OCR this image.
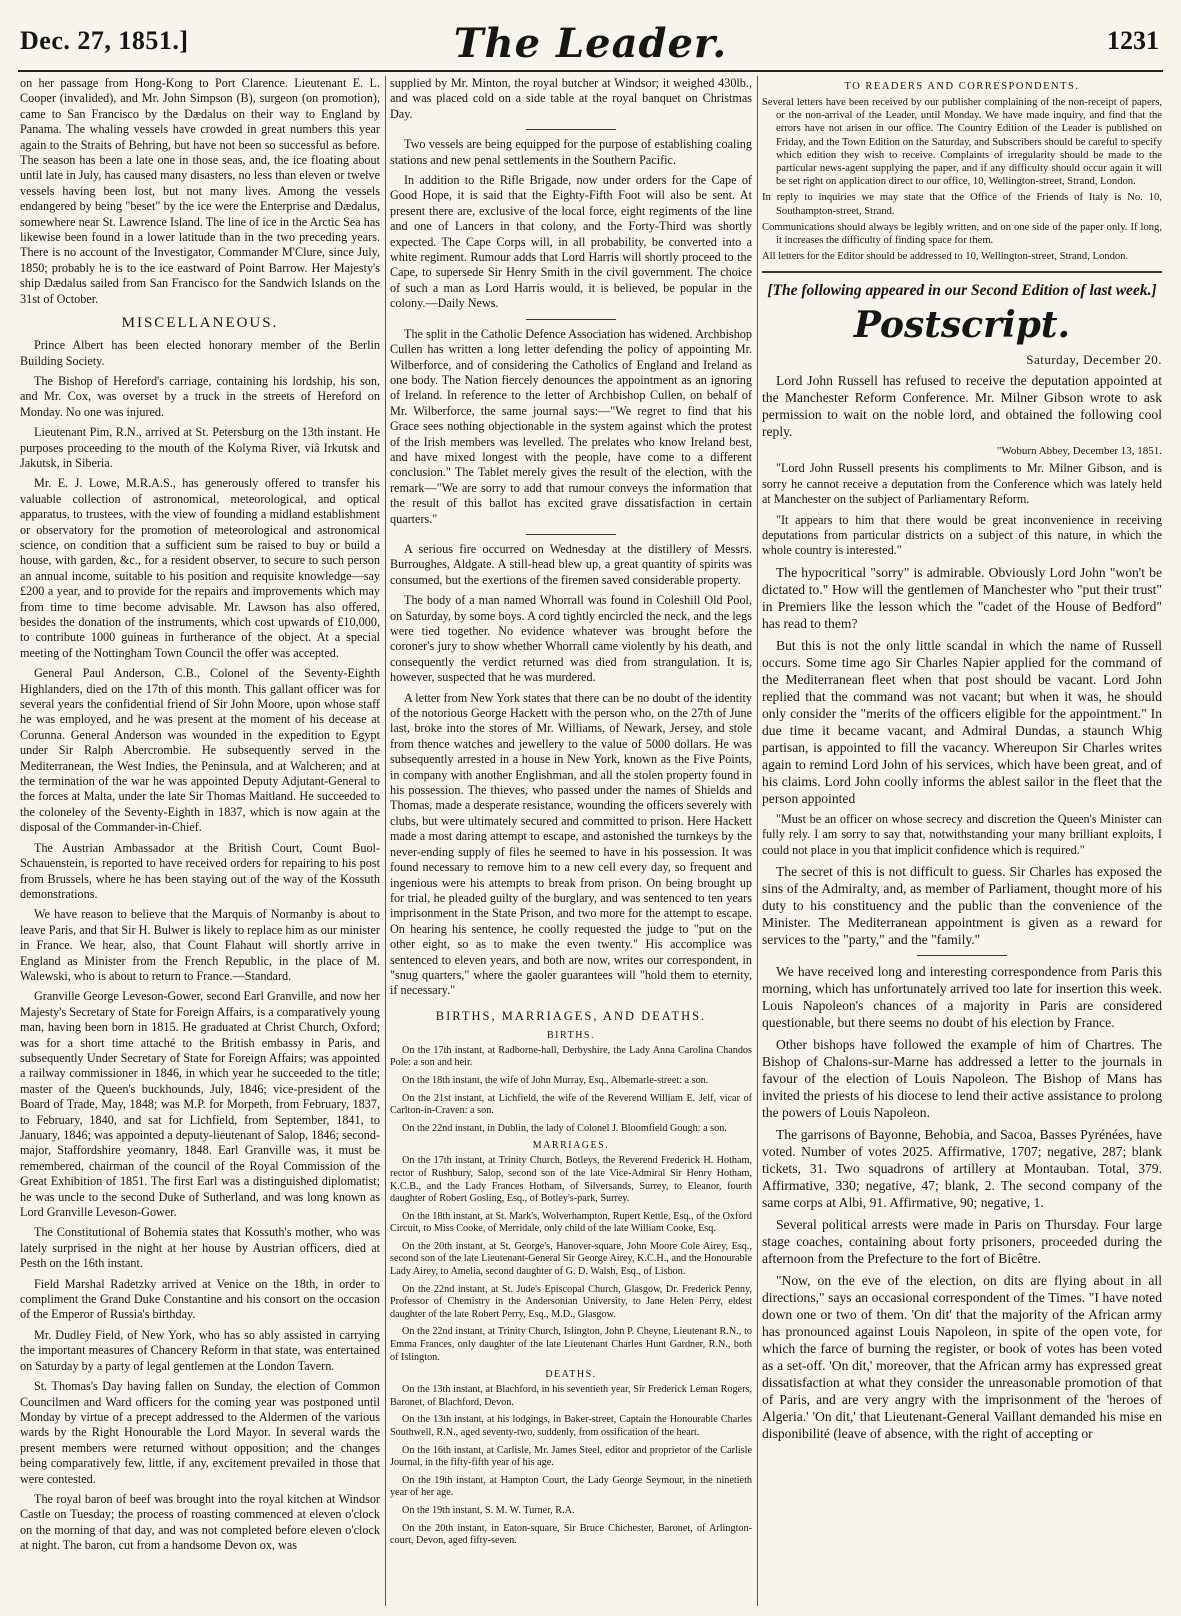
Dec. 27, 1851.]	The Leader.	1231

on her passage from Hong-Kong to Port Clarence. Lieutenant E. L. Cooper (invalided), and Mr. John Simpson (B), surgeon (on promotion), came to San Francisco by the Dædalus on their way to England by Panama. The whaling vessels have crowded in great numbers this year again to the Straits of Behring, but have not been so successful as before. The season has been a late one in those seas, and, the ice floating about until late in July, has caused many disasters, no less than eleven or twelve vessels having been lost, but not many lives. Among the vessels endangered by being "beset" by the ice were the Enterprise and Dædalus, somewhere near St. Lawrence Island. The line of ice in the Arctic Sea has likewise been found in a lower latitude than in the two preceding years. There is no account of the Investigator, Commander M'Clure, since July, 1850; probably he is to the ice eastward of Point Barrow. Her Majesty's ship Dædalus sailed from San Francisco for the Sandwich Islands on the 31st of October.

MISCELLANEOUS.

Prince Albert has been elected honorary member of the Berlin Building Society.

The Bishop of Hereford's carriage, containing his lordship, his son, and Mr. Cox, was overset by a truck in the streets of Hereford on Monday. No one was injured.

Lieutenant Pim, R.N., arrived at St. Petersburg on the 13th instant. He purposes proceeding to the mouth of the Kolyma River, viâ Irkutsk and Jakutsk, in Siberia.

Mr. E. J. Lowe, M.R.A.S., has generously offered to transfer his valuable collection of astronomical, meteorological, and optical apparatus, to trustees, with the view of founding a midland establishment or observatory for the promotion of meteorological and astronomical science, on condition that a sufficient sum be raised to buy or build a house, with garden, &c., for a resident observer, to secure to such person an annual income, suitable to his position and requisite knowledge—say £200 a year, and to provide for the repairs and improvements which may from time to time become advisable. Mr. Lawson has also offered, besides the donation of the instruments, which cost upwards of £10,000, to contribute 1000 guineas in furtherance of the object. At a special meeting of the Nottingham Town Council the offer was accepted.

General Paul Anderson, C.B., Colonel of the Seventy-Eighth Highlanders, died on the 17th of this month. This gallant officer was for several years the confidential friend of Sir John Moore, upon whose staff he was employed, and he was present at the moment of his decease at Corunna. General Anderson was wounded in the expedition to Egypt under Sir Ralph Abercrombie. He subsequently served in the Mediterranean, the West Indies, the Peninsula, and at Walcheren; and at the termination of the war he was appointed Deputy Adjutant-General to the forces at Malta, under the late Sir Thomas Maitland. He succeeded to the coloneley of the Seventy-Eighth in 1837, which is now again at the disposal of the Commander-in-Chief.

The Austrian Ambassador at the British Court, Count Buol-Schauenstein, is reported to have received orders for repairing to his post from Brussels, where he has been staying out of the way of the Kossuth demonstrations.

We have reason to believe that the Marquis of Normanby is about to leave Paris, and that Sir H. Bulwer is likely to replace him as our minister in France. We hear, also, that Count Flahaut will shortly arrive in England as Minister from the French Republic, in the place of M. Walewski, who is about to return to France.—Standard.

Granville George Leveson-Gower, second Earl Granville, and now her Majesty's Secretary of State for Foreign Affairs, is a comparatively young man, having been born in 1815. He graduated at Christ Church, Oxford; was for a short time attaché to the British embassy in Paris, and subsequently Under Secretary of State for Foreign Affairs; was appointed a railway commissioner in 1846, in which year he succeeded to the title; master of the Queen's buckhounds, July, 1846; vice-president of the Board of Trade, May, 1848; was M.P. for Morpeth, from February, 1837, to February, 1840, and sat for Lichfield, from September, 1841, to January, 1846; was appointed a deputy-lieutenant of Salop, 1846; second-major, Staffordshire yeomanry, 1848. Earl Granville was, it must be remembered, chairman of the council of the Royal Commission of the Great Exhibition of 1851. The first Earl was a distinguished diplomatist; he was uncle to the second Duke of Sutherland, and was long known as Lord Granville Leveson-Gower.

The Constitutional of Bohemia states that Kossuth's mother, who was lately surprised in the night at her house by Austrian officers, died at Pesth on the 16th instant.

Field Marshal Radetzky arrived at Venice on the 18th, in order to compliment the Grand Duke Constantine and his consort on the occasion of the Emperor of Russia's birthday.

Mr. Dudley Field, of New York, who has so ably assisted in carrying the important measures of Chancery Reform in that state, was entertained on Saturday by a party of legal gentlemen at the London Tavern.

St. Thomas's Day having fallen on Sunday, the election of Common Councilmen and Ward officers for the coming year was postponed until Monday by virtue of a precept addressed to the Aldermen of the various wards by the Right Honourable the Lord Mayor. In several wards the present members were returned without opposition; and the changes being comparatively few, little, if any, excitement prevailed in those that were contested.

The royal baron of beef was brought into the royal kitchen at Windsor Castle on Tuesday; the process of roasting commenced at eleven o'clock on the morning of that day, and was not completed before eleven o'clock at night. The baron, cut from a handsome Devon ox, was

supplied by Mr. Minton, the royal butcher at Windsor; it weighed 430lb., and was placed cold on a side table at the royal banquet on Christmas Day.

Two vessels are being equipped for the purpose of establishing coaling stations and new penal settlements in the Southern Pacific.

In addition to the Rifle Brigade, now under orders for the Cape of Good Hope, it is said that the Eighty-Fifth Foot will also be sent. At present there are, exclusive of the local force, eight regiments of the line and one of Lancers in that colony, and the Forty-Third was shortly expected. The Cape Corps will, in all probability, be converted into a white regiment. Rumour adds that Lord Harris will shortly proceed to the Cape, to supersede Sir Henry Smith in the civil government. The choice of such a man as Lord Harris would, it is believed, be popular in the colony.—Daily News.

The split in the Catholic Defence Association has widened. Archbishop Cullen has written a long letter defending the policy of appointing Mr. Wilberforce, and of considering the Catholics of England and Ireland as one body. The Nation fiercely denounces the appointment as an ignoring of Ireland. In reference to the letter of Archbishop Cullen, on behalf of Mr. Wilberforce, the same journal says:—"We regret to find that his Grace sees nothing objectionable in the system against which the protest of the Irish members was levelled. The prelates who know Ireland best, and have mixed longest with the people, have come to a different conclusion." The Tablet merely gives the result of the election, with the remark—"We are sorry to add that rumour conveys the information that the result of this ballot has excited grave dissatisfaction in certain quarters."

A serious fire occurred on Wednesday at the distillery of Messrs. Burroughes, Aldgate. A still-head blew up, a great quantity of spirits was consumed, but the exertions of the firemen saved considerable property.

The body of a man named Whorrall was found in Coleshill Old Pool, on Saturday, by some boys. A cord tightly encircled the neck, and the legs were tied together. No evidence whatever was brought before the coroner's jury to show whether Whorrall came violently by his death, and consequently the verdict returned was died from strangulation. It is, however, suspected that he was murdered.

A letter from New York states that there can be no doubt of the identity of the notorious George Hackett with the person who, on the 27th of June last, broke into the stores of Mr. Williams, of Newark, Jersey, and stole from thence watches and jewellery to the value of 5000 dollars. He was subsequently arrested in a house in New York, known as the Five Points, in company with another Englishman, and all the stolen property found in his possession. The thieves, who passed under the names of Shields and Thomas, made a desperate resistance, wounding the officers severely with clubs, but were ultimately secured and committed to prison. Here Hackett made a most daring attempt to escape, and astonished the turnkeys by the never-ending supply of files he seemed to have in his possession. It was found necessary to remove him to a new cell every day, so frequent and ingenious were his attempts to break from prison. On being brought up for trial, he pleaded guilty of the burglary, and was sentenced to ten years imprisonment in the State Prison, and two more for the attempt to escape. On hearing his sentence, he coolly requested the judge to "put on the other eight, so as to make the even twenty." His accomplice was sentenced to eleven years, and both are now, writes our correspondent, in "snug quarters," where the gaoler guarantees will "hold them to eternity, if necessary."

BIRTHS, MARRIAGES, AND DEATHS.
BIRTHS.

On the 17th instant, at Radborne-hall, Derbyshire, the Lady Anna Carolina Chandos Pole: a son and heir.

On the 18th instant, the wife of John Murray, Esq., Albemarle-street: a son.

On the 21st instant, at Lichfield, the wife of the Reverend William E. Jelf, vicar of Carlton-in-Craven: a son.

On the 22nd instant, in Dublin, the lady of Colonel J. Bloomfield Gough: a son.

MARRIAGES.

On the 17th instant, at Trinity Church, Botleys, the Reverend Frederick H. Hotham, rector of Rushbury, Salop, second son of the late Vice-Admiral Sir Henry Hotham, K.C.B., and the Lady Frances Hotham, of Silversands, Surrey, to Eleanor, fourth daughter of Robert Gosling, Esq., of Botley's-park, Surrey.

On the 18th instant, at St. Mark's, Wolverhampton, Rupert Kettle, Esq., of the Oxford Circuit, to Miss Cooke, of Merridale, only child of the late William Cooke, Esq.

On the 20th instant, at St. George's, Hanover-square, John Moore Cole Airey, Esq., second son of the late Lieutenant-General Sir George Airey, K.C.H., and the Honourable Lady Airey, to Amelia, second daughter of G. D. Walsh, Esq., of Lisbon.

On the 22nd instant, at St. Jude's Episcopal Church, Glasgow, Dr. Frederick Penny, Professor of Chemistry in the Andersonian University, to Jane Helen Perry, eldest daughter of the late Robert Perry, Esq., M.D., Glasgow.

On the 22nd instant, at Trinity Church, Islington, John P. Cheyne, Lieutenant R.N., to Emma Frances, only daughter of the late Lieutenant Charles Hunt Gardner, R.N., both of Islington.

DEATHS.

On the 13th instant, at Blachford, in his seventieth year, Sir Frederick Leman Rogers, Baronet, of Blachford, Devon.

On the 13th instant, at his lodgings, in Baker-street, Captain the Honourable Charles Southwell, R.N., aged seventy-two, suddenly, from ossification of the heart.

On the 16th instant, at Carlisle, Mr. James Steel, editor and proprietor of the Carlisle Journal, in the fifty-fifth year of his age.

On the 19th instant, at Hampton Court, the Lady George Seymour, in the ninetieth year of her age.

On the 19th instant, S. M. W. Turner, R.A.

On the 20th instant, in Eaton-square, Sir Bruce Chichester, Baronet, of Arlington-court, Devon, aged fifty-seven.

TO READERS AND CORRESPONDENTS.

Several letters have been received by our publisher complaining of the non-receipt of papers, or the non-arrival of the Leader, until Monday. We have made inquiry, and find that the errors have not arisen in our office. The Country Edition of the Leader is published on Friday, and the Town Edition on the Saturday, and Subscribers should be careful to specify which edition they wish to receive. Complaints of irregularity should be made to the particular news-agent supplying the paper, and if any difficulty should occur again it will be set right on application direct to our office, 10, Wellington-street, Strand, London.

In reply to inquiries we may state that the Office of the Friends of Italy is No. 10, Southampton-street, Strand.

Communications should always be legibly written, and on one side of the paper only. If long, it increases the difficulty of finding space for them.

All letters for the Editor should be addressed to 10, Wellington-street, Strand, London.

[The following appeared in our Second Edition of last week.]
Postscript.
Saturday, December 20.

Lord John Russell has refused to receive the deputation appointed at the Manchester Reform Conference. Mr. Milner Gibson wrote to ask permission to wait on the noble lord, and obtained the following cool reply.

"Woburn Abbey, December 13, 1851.

"Lord John Russell presents his compliments to Mr. Milner Gibson, and is sorry he cannot receive a deputation from the Conference which was lately held at Manchester on the subject of Parliamentary Reform.

"It appears to him that there would be great inconvenience in receiving deputations from particular districts on a subject of this nature, in which the whole country is interested."

The hypocritical "sorry" is admirable. Obviously Lord John "won't be dictated to." How will the gentlemen of Manchester who "put their trust" in Premiers like the lesson which the "cadet of the House of Bedford" has read to them?

But this is not the only little scandal in which the name of Russell occurs. Some time ago Sir Charles Napier applied for the command of the Mediterranean fleet when that post should be vacant. Lord John replied that the command was not vacant; but when it was, he should only consider the "merits of the officers eligible for the appointment." In due time it became vacant, and Admiral Dundas, a staunch Whig partisan, is appointed to fill the vacancy. Whereupon Sir Charles writes again to remind Lord John of his services, which have been great, and of his claims. Lord John coolly informs the ablest sailor in the fleet that the person appointed

"Must be an officer on whose secrecy and discretion the Queen's Minister can fully rely. I am sorry to say that, notwithstanding your many brilliant exploits, I could not place in you that implicit confidence which is required."

The secret of this is not difficult to guess. Sir Charles has exposed the sins of the Admiralty, and, as member of Parliament, thought more of his duty to his constituency and the public than the convenience of the Minister. The Mediterranean appointment is given as a reward for services to the "party," and the "family."

We have received long and interesting correspondence from Paris this morning, which has unfortunately arrived too late for insertion this week. Louis Napoleon's chances of a majority in Paris are considered questionable, but there seems no doubt of his election by France.

Other bishops have followed the example of him of Chartres. The Bishop of Chalons-sur-Marne has addressed a letter to the journals in favour of the election of Louis Napoleon. The Bishop of Mans has invited the priests of his diocese to lend their active assistance to prolong the powers of Louis Napoleon.

The garrisons of Bayonne, Behobia, and Sacoa, Basses Pyrénées, have voted. Number of votes 2025. Affirmative, 1707; negative, 287; blank tickets, 31. Two squadrons of artillery at Montauban. Total, 379. Affirmative, 330; negative, 47; blank, 2. The second company of the same corps at Albi, 91. Affirmative, 90; negative, 1.

Several political arrests were made in Paris on Thursday. Four large stage coaches, containing about forty prisoners, proceeded during the afternoon from the Prefecture to the fort of Bicêtre.

"Now, on the eve of the election, on dits are flying about in all directions," says an occasional correspondent of the Times. "I have noted down one or two of them. 'On dit' that the majority of the African army has pronounced against Louis Napoleon, in spite of the open vote, for which the farce of burning the register, or book of votes has been voted as a set-off. 'On dit,' moreover, that the African army has expressed great dissatisfaction at what they consider the unreasonable promotion of that of Paris, and are very angry with the imprisonment of the 'heroes of Algeria.' 'On dit,' that Lieutenant-General Vaillant demanded his mise en disponibilité (leave of absence, with the right of accepting or
